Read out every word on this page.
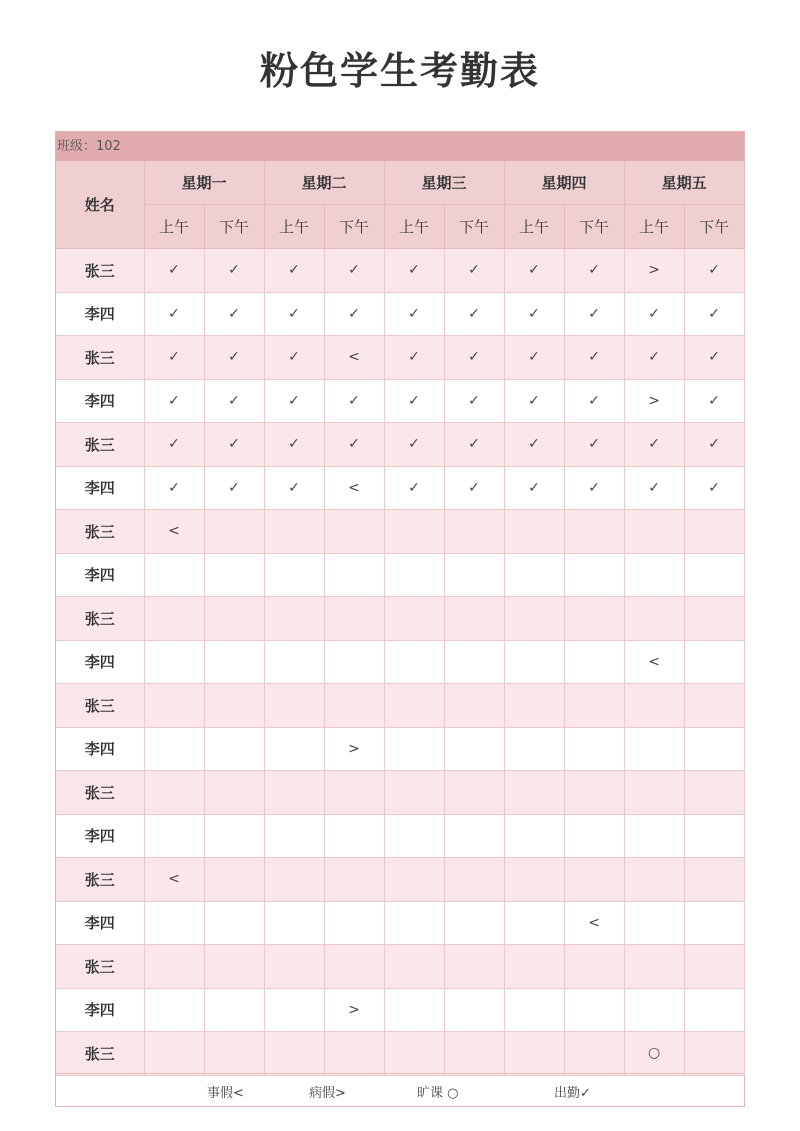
粉色学生考勤表
班级：102
姓名	星期一		星期二		星期三		星期四		星期五	
	上午	下午	上午	下午	上午	下午	上午	下午	上午	下午
张三	✓	✓	✓	✓	✓	✓	✓	✓	>	✓
李四	✓	✓	✓	✓	✓	✓	✓	✓	✓	✓
张三	✓	✓	✓	<	✓	✓	✓	✓	✓	✓
李四	✓	✓	✓	✓	✓	✓	✓	✓	>	✓
张三	✓	✓	✓	✓	✓	✓	✓	✓	✓	✓
李四	✓	✓	✓	<	✓	✓	✓	✓	✓	✓
张三	<									
李四										
张三										
李四									<	
张三										
李四				>						
张三										
李四										
张三	<									
李四								<		
张三										
李四				>						
张三									○	
事假<	病假>	旷课 ○	出勤✓
